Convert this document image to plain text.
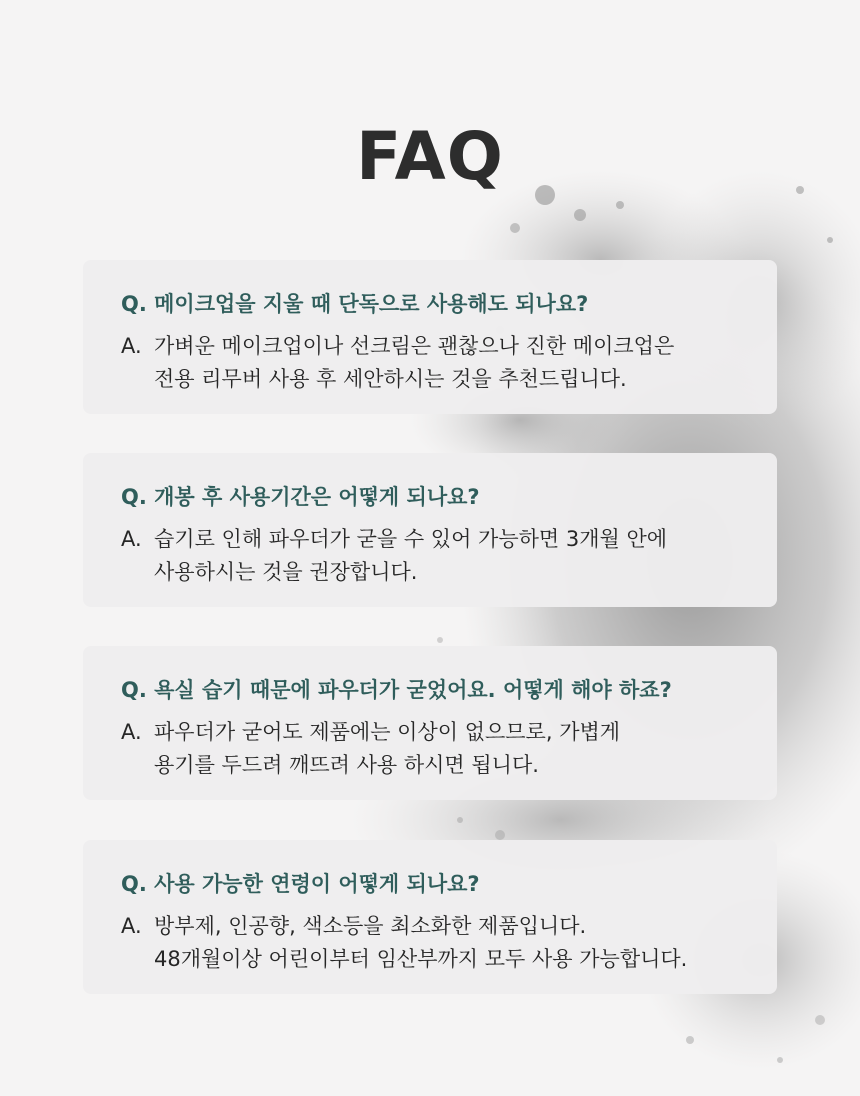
FAQ
Q. 메이크업을 지울 때 단독으로 사용해도 되나요?
A. 가벼운 메이크업이나 선크림은 괜찮으나 진한 메이크업은
전용 리무버 사용 후 세안하시는 것을 추천드립니다.
Q. 개봉 후 사용기간은 어떻게 되나요?
A. 습기로 인해 파우더가 굳을 수 있어 가능하면 3개월 안에
사용하시는 것을 권장합니다.
Q. 욕실 습기 때문에 파우더가 굳었어요. 어떻게 해야 하죠?
A. 파우더가 굳어도 제품에는 이상이 없으므로, 가볍게
용기를 두드려 깨뜨려 사용 하시면 됩니다.
Q. 사용 가능한 연령이 어떻게 되나요?
A. 방부제, 인공향, 색소등을 최소화한 제품입니다.
48개월이상 어린이부터 임산부까지 모두 사용 가능합니다.
